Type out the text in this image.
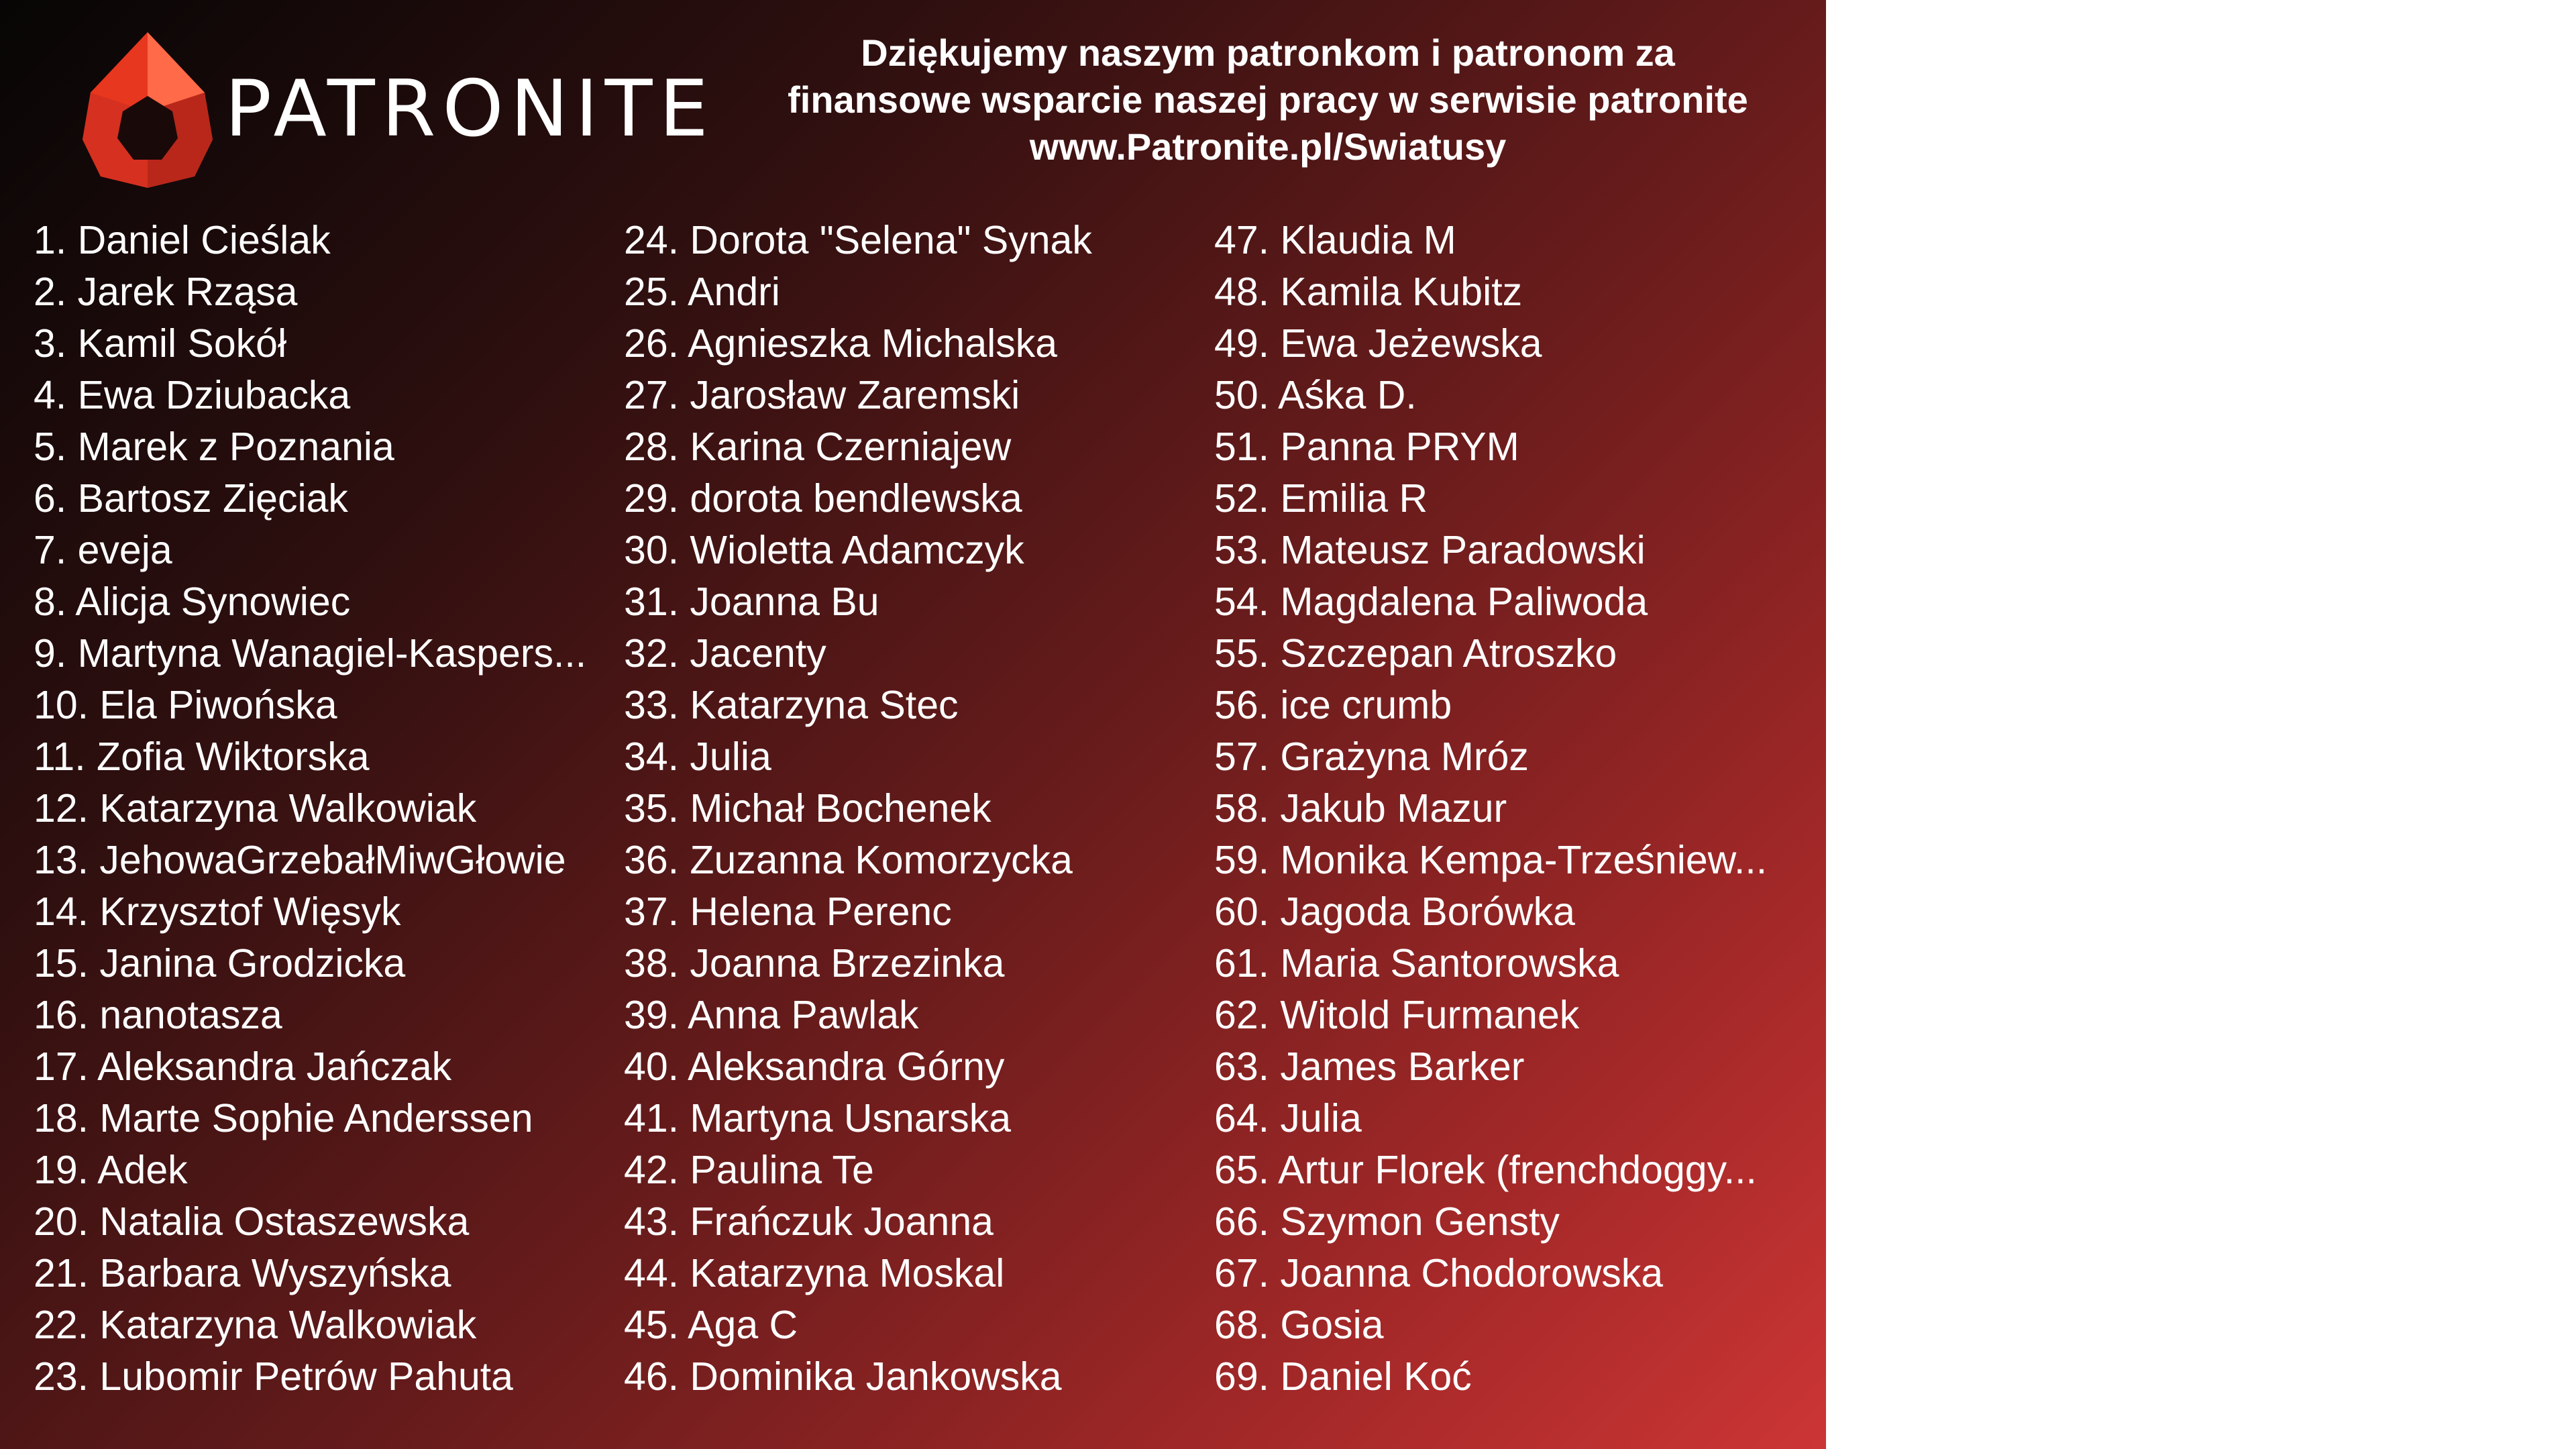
PATRONITE
Dziękujemy naszym patronkom i patronom za
finansowe wsparcie naszej pracy w serwisie patronite
www.Patronite.pl/Swiatusy
1. Daniel Cieślak
2. Jarek Rząsa
3. Kamil Sokół
4. Ewa Dziubacka
5. Marek z Poznania
6. Bartosz Zięciak
7. eveja
8. Alicja Synowiec
9. Martyna Wanagiel-Kaspers...
10. Ela Piwońska
11. Zofia Wiktorska
12. Katarzyna Walkowiak
13. JehowaGrzebałMiwGłowie
14. Krzysztof Więsyk
15. Janina Grodzicka
16. nanotasza
17. Aleksandra Jańczak
18. Marte Sophie Anderssen
19. Adek
20. Natalia Ostaszewska
21. Barbara Wyszyńska
22. Katarzyna Walkowiak
23. Lubomir Petrów Pahuta
24. Dorota "Selena" Synak
25. Andri
26. Agnieszka Michalska
27. Jarosław Zaremski
28. Karina Czerniajew
29. dorota bendlewska
30. Wioletta Adamczyk
31. Joanna Bu
32. Jacenty
33. Katarzyna Stec
34. Julia
35. Michał Bochenek
36. Zuzanna Komorzycka
37. Helena Perenc
38. Joanna Brzezinka
39. Anna Pawlak
40. Aleksandra Górny
41. Martyna Usnarska
42. Paulina Te
43. Frańczuk Joanna
44. Katarzyna Moskal
45. Aga C
46. Dominika Jankowska
47. Klaudia M
48. Kamila Kubitz
49. Ewa Jeżewska
50. Aśka D.
51. Panna PRYM
52. Emilia R
53. Mateusz Paradowski
54. Magdalena Paliwoda
55. Szczepan Atroszko
56. ice crumb
57. Grażyna Mróz
58. Jakub Mazur
59. Monika Kempa-Trześniew...
60. Jagoda Borówka
61. Maria Santorowska
62. Witold Furmanek
63. James Barker
64. Julia
65. Artur Florek (frenchdoggy...
66. Szymon Gensty
67. Joanna Chodorowska
68. Gosia
69. Daniel Koć
